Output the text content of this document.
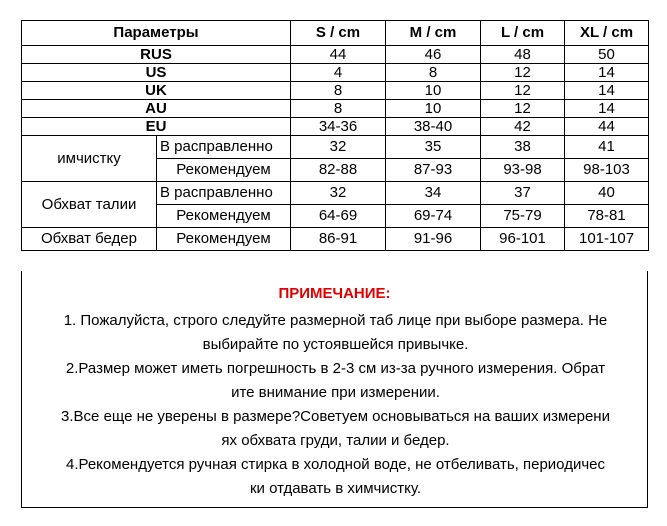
Параметры		S / cm	M / cm	L / cm	XL / cm
RUS		44	46	48	50
US		4	8	12	14
UK		8	10	12	14
AU		8	10	12	14
EU		34-36	38-40	42	44
имчистку	В расправленно	32	35	38	41
	Рекомендуем	82-88	87-93	93-98	98-103
Обхват талии	В расправленно	32	34	37	40
	Рекомендуем	64-69	69-74	75-79	78-81
Обхват бедер	Рекомендуем	86-91	91-96	96-101	101-107
ПРИМЕЧАНИЕ:
1. Пожалуйста, строго следуйте размерной таб лице при выборе размера. Не
выбирайте по устоявшейся привычке.
2.Размер может иметь погрешность в 2-3 см из-за ручного измерения. Обрат
ите внимание при измерении.
3.Все еще не уверены в размере?Советуем основываться на ваших измерени
ях обхвата груди, талии и бедер.
4.Рекомендуется ручная стирка в холодной воде, не отбеливать, периодичес
ки отдавать в химчистку.
